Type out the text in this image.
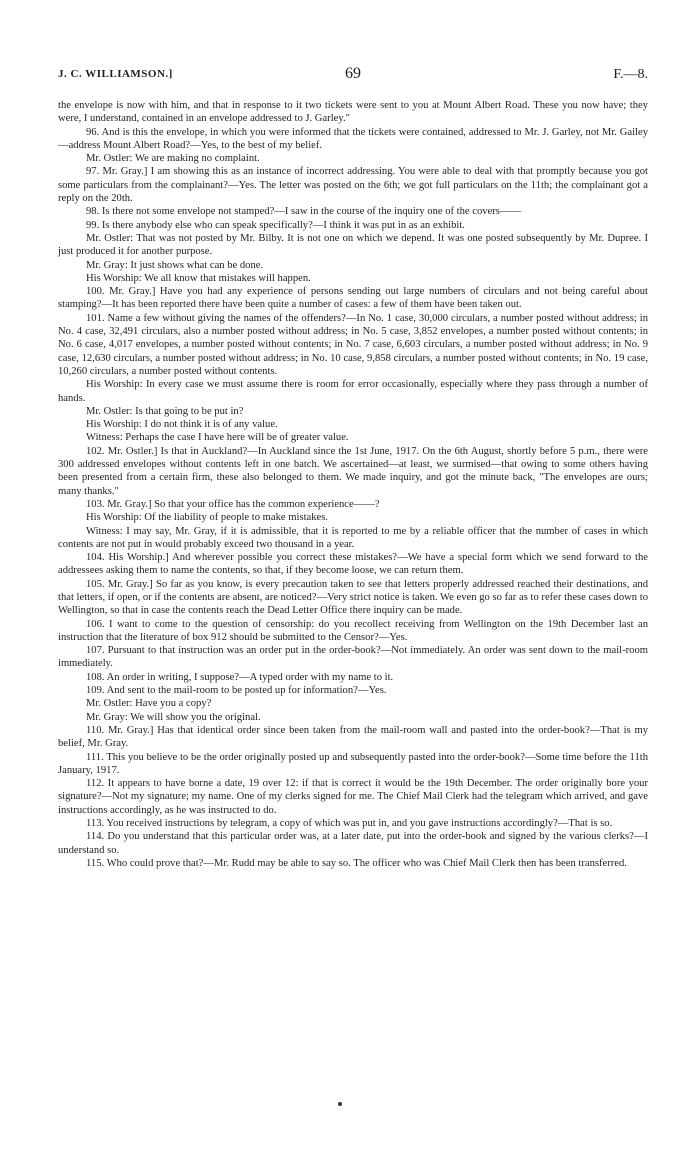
J. C. WILLIAMSON.]	69	F.—8.

the envelope is now with him, and that in response to it two tickets were sent to you at Mount Albert Road. These you now have; they were, I understand, contained in an envelope addressed to J. Garley."

96. And is this the envelope, in which you were informed that the tickets were contained, addressed to Mr. J. Garley, not Mr. Gailey—address Mount Albert Road?—Yes, to the best of my belief.

Mr. Ostler: We are making no complaint.

97. Mr. Gray.] I am showing this as an instance of incorrect addressing. You were able to deal with that promptly because you got some particulars from the complainant?—Yes. The letter was posted on the 6th; we got full particulars on the 11th; the complainant got a reply on the 20th.

98. Is there not some envelope not stamped?—I saw in the course of the inquiry one of the covers——

99. Is there anybody else who can speak specifically?—I think it was put in as an exhibit.

Mr. Ostler: That was not posted by Mr. Bilby. It is not one on which we depend. It was one posted subsequently by Mr. Dupree. I just produced it for another purpose.

Mr. Gray: It just shows what can be done.

His Worship: We all know that mistakes will happen.

100. Mr. Gray.] Have you had any experience of persons sending out large numbers of circulars and not being careful about stamping?—It has been reported there have been quite a number of cases: a few of them have been taken out.

101. Name a few without giving the names of the offenders?—In No. 1 case, 30,000 circulars, a number posted without address; in No. 4 case, 32,491 circulars, also a number posted without address; in No. 5 case, 3,852 envelopes, a number posted without contents; in No. 6 case, 4,017 envelopes, a number posted without contents; in No. 7 case, 6,603 circulars, a number posted without address; in No. 9 case, 12,630 circulars, a number posted without address; in No. 10 case, 9,858 circulars, a number posted without contents; in No. 19 case, 10,260 circulars, a number posted without contents.

His Worship: In every case we must assume there is room for error occasionally, especially where they pass through a number of hands.

Mr. Ostler: Is that going to be put in?

His Worship: I do not think it is of any value.

Witness: Perhaps the case I have here will be of greater value.

102. Mr. Ostler.] Is that in Auckland?—In Auckland since the 1st June, 1917. On the 6th August, shortly before 5 p.m., there were 300 addressed envelopes without contents left in one batch. We ascertained—at least, we surmised—that owing to some others having been presented from a certain firm, these also belonged to them. We made inquiry, and got the minute back, "The envelopes are ours; many thanks."

103. Mr. Gray.] So that your office has the common experience——?

His Worship: Of the liability of people to make mistakes.

Witness: I may say, Mr. Gray, if it is admissible, that it is reported to me by a reliable officer that the number of cases in which contents are not put in would probably exceed two thousand in a year.

104. His Worship.] And wherever possible you correct these mistakes?—We have a special form which we send forward to the addressees asking them to name the contents, so that, if they become loose, we can return them.

105. Mr. Gray.] So far as you know, is every precaution taken to see that letters properly addressed reached their destinations, and that letters, if open, or if the contents are absent, are noticed?—Very strict notice is taken. We even go so far as to refer these cases down to Wellington, so that in case the contents reach the Dead Letter Office there inquiry can be made.

106. I want to come to the question of censorship: do you recollect receiving from Wellington on the 19th December last an instruction that the literature of box 912 should be submitted to the Censor?—Yes.

107. Pursuant to that instruction was an order put in the order-book?—Not immediately. An order was sent down to the mail-room immediately.

108. An order in writing, I suppose?—A typed order with my name to it.

109. And sent to the mail-room to be posted up for information?—Yes.

Mr. Ostler: Have you a copy?

Mr. Gray: We will show you the original.

110. Mr. Gray.] Has that identical order since been taken from the mail-room wall and pasted into the order-book?—That is my belief, Mr. Gray.

111. This you believe to be the order originally posted up and subsequently pasted into the order-book?—Some time before the 11th January, 1917.

112. It appears to have borne a date, 19 over 12: if that is correct it would be the 19th December. The order originally bore your signature?—Not my signature; my name. One of my clerks signed for me. The Chief Mail Clerk had the telegram which arrived, and gave instructions accordingly, as he was instructed to do.

113. You received instructions by telegram, a copy of which was put in, and you gave instructions accordingly?—That is so.

114. Do you understand that this particular order was, at a later date, put into the order-book and signed by the various clerks?—I understand so.

115. Who could prove that?—Mr. Rudd may be able to say so. The officer who was Chief Mail Clerk then has been transferred.
